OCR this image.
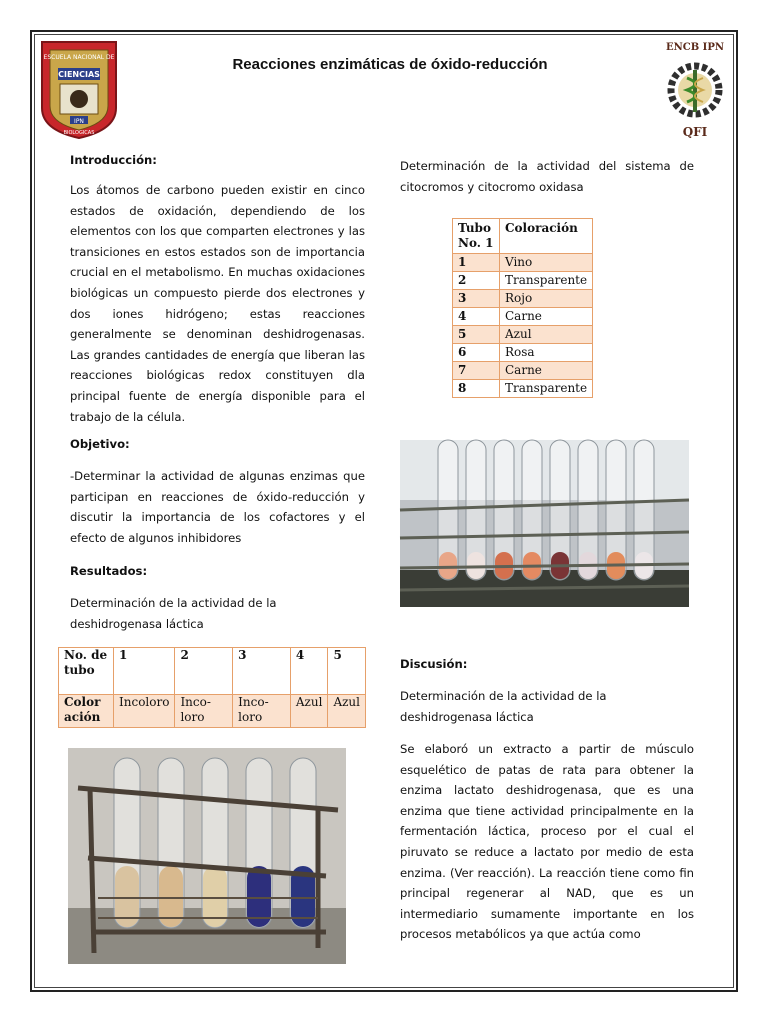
ESCUELA NACIONAL DE
CIENCIAS
IPN
BIOLOGICAS
Reacciones enzimáticas de óxido-reducción
ENCB IPN
QFI
Introducción:
Los átomos de carbono pueden existir en cinco estados de oxidación, dependiendo de los elementos con los que comparten electrones y las transiciones en estos estados son de importancia crucial en el metabolismo. En muchas oxidaciones biológicas un compuesto pierde dos electrones y dos iones hidrógeno; estas reacciones generalmente se denominan deshidrogenasas. Las grandes cantidades de energía que liberan las reacciones biológicas redox constituyen dla principal fuente de energía disponible para el trabajo de la célula.
Objetivo:
-Determinar la actividad de algunas enzimas que participan en reacciones de óxido-reducción y discutir la importancia de los cofactores y el efecto de algunos inhibidores
Resultados:
Determinación de la actividad de la deshidrogenasa láctica
No. de tubo	1	2	3	4	5
Color ación	Incoloro	Inco-loro	Inco-loro	Azul	Azul
Determinación de la actividad del sistema de citocromos y citocromo oxidasa
Tubo No. 1	Coloración
1	Vino
2	Transparente
3	Rojo
4	Carne
5	Azul
6	Rosa
7	Carne
8	Transparente
Discusión:
Determinación de la actividad de la deshidrogenasa láctica
Se elaboró un extracto a partir de músculo esquelético de patas de rata para obtener la enzima lactato deshidrogenasa, que es una enzima que tiene actividad principalmente en la fermentación láctica, proceso por el cual el piruvato se reduce a lactato por medio de esta enzima. (Ver reacción). La reacción tiene como fin principal regenerar al NAD, que es un intermediario sumamente importante en los procesos metabólicos ya que actúa como
